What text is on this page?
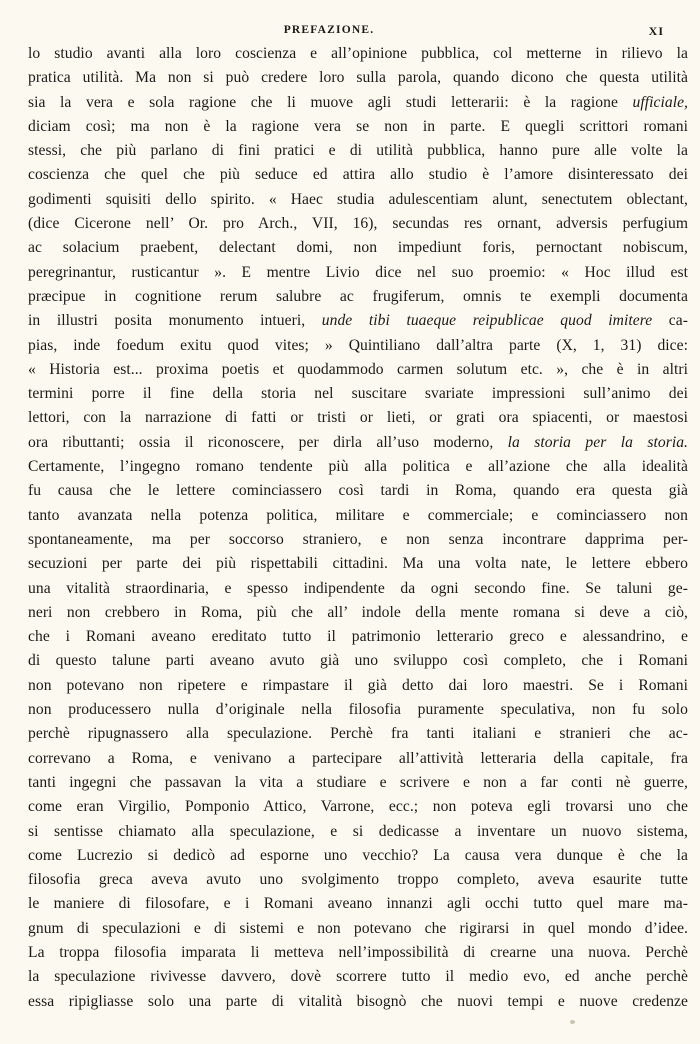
PREFAZIONE.	XI
lo studio avanti alla loro coscienza e all’opinione pubblica, col metterne in rilievo la
pratica utilità. Ma non si può credere loro sulla parola, quando dicono che questa utilità
sia la vera e sola ragione che li muove agli studi letterarii: è la ragione ufficiale,
diciam così; ma non è la ragione vera se non in parte. E quegli scrittori romani
stessi, che più parlano di fini pratici e di utilità pubblica, hanno pure alle volte la
coscienza che quel che più seduce ed attira allo studio è l’amore disinteressato dei
godimenti squisiti dello spirito. « Haec studia adulescentiam alunt, senectutem oblectant,
(dice Cicerone nell’ Or. pro Arch., VII, 16), secundas res ornant, adversis perfugium
ac solacium praebent, delectant domi, non impediunt foris, pernoctant nobiscum,
peregrinantur, rusticantur ». E mentre Livio dice nel suo proemio: « Hoc illud est
præcipue in cognitione rerum salubre ac frugiferum, omnis te exempli documenta
in illustri posita monumento intueri, unde tibi tuaeque reipublicae quod imitere ca-
pias, inde foedum exitu quod vites; » Quintiliano dall’altra parte (X, 1, 31) dice:
« Historia est... proxima poetis et quodammodo carmen solutum etc. », che è in altri
termini porre il fine della storia nel suscitare svariate impressioni sull’animo dei
lettori, con la narrazione di fatti or tristi or lieti, or grati ora spiacenti, or maestosi
ora ributtanti; ossia il riconoscere, per dirla all’uso moderno, la storia per la storia.
Certamente, l’ingegno romano tendente più alla politica e all’azione che alla idealità
fu causa che le lettere cominciassero così tardi in Roma, quando era questa già
tanto avanzata nella potenza politica, militare e commerciale; e cominciassero non
spontaneamente, ma per soccorso straniero, e non senza incontrare dapprima per-
secuzioni per parte dei più rispettabili cittadini. Ma una volta nate, le lettere ebbero
una vitalità straordinaria, e spesso indipendente da ogni secondo fine. Se taluni ge-
neri non crebbero in Roma, più che all’ indole della mente romana si deve a ciò,
che i Romani aveano ereditato tutto il patrimonio letterario greco e alessandrino, e
di questo talune parti aveano avuto già uno sviluppo così completo, che i Romani
non potevano non ripetere e rimpastare il già detto dai loro maestri. Se i Romani
non producessero nulla d’originale nella filosofia puramente speculativa, non fu solo
perchè ripugnassero alla speculazione. Perchè fra tanti italiani e stranieri che ac-
correvano a Roma, e venivano a partecipare all’attività letteraria della capitale, fra
tanti ingegni che passavan la vita a studiare e scrivere e non a far conti nè guerre,
come eran Virgilio, Pomponio Attico, Varrone, ecc.; non poteva egli trovarsi uno che
si sentisse chiamato alla speculazione, e si dedicasse a inventare un nuovo sistema,
come Lucrezio si dedicò ad esporne uno vecchio? La causa vera dunque è che la
filosofia greca aveva avuto uno svolgimento troppo completo, aveva esaurite tutte
le maniere di filosofare, e i Romani aveano innanzi agli occhi tutto quel mare ma-
gnum di speculazioni e di sistemi e non potevano che rigirarsi in quel mondo d’idee.
La troppa filosofia imparata li metteva nell’impossibilità di crearne una nuova. Perchè
la speculazione rivivesse davvero, dovè scorrere tutto il medio evo, ed anche perchè
essa ripigliasse solo una parte di vitalità bisognò che nuovi tempi e nuove credenze
